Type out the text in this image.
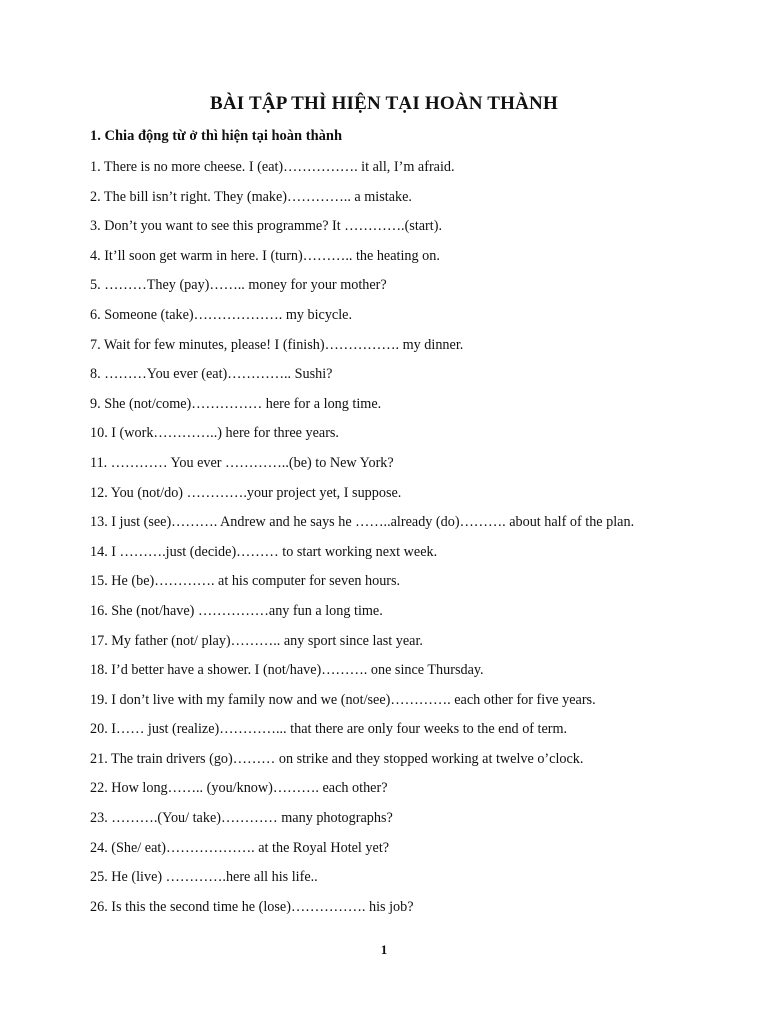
BÀI TẬP THÌ HIỆN TẠI HOÀN THÀNH
1. Chia động từ ở thì hiện tại hoàn thành
1. There is no more cheese. I (eat)……………. it all, I’m afraid.
2. The bill isn’t right. They (make)………….. a mistake.
3. Don’t you want to see this programme? It ………….(start).
4. It’ll soon get warm in here. I (turn)……….. the heating on.
5. ………They (pay)…….. money for your mother?
6. Someone (take)………………. my bicycle.
7. Wait for few minutes, please! I (finish)……………. my dinner.
8. ………You ever (eat)………….. Sushi?
9. She (not/come)…………… here for a long time.
10. I (work…………..) here for three years.
11. ………… You ever …………..(be) to New York?
12. You (not/do) ………….your project yet, I suppose.
13. I just (see)………. Andrew and he says he ……..already (do)………. about half of the plan.
14. I ……….just (decide)……… to start working next week.
15. He (be)…………. at his computer for seven hours.
16. She (not/have) ……………any fun a long time.
17. My father (not/ play)……….. any sport since last year.
18. I’d better have a shower. I (not/have)………. one since Thursday.
19. I don’t live with my family now and we (not/see)…………. each other for five years.
20. I…… just (realize)…………... that there are only four weeks to the end of term.
21. The train drivers (go)……… on strike and they stopped working at twelve o’clock.
22. How long…….. (you/know)………. each other?
23. ……….(You/ take)………… many photographs?
24. (She/ eat)………………. at the Royal Hotel yet?
25. He (live) ………….here all his life..
26. Is this the second time he (lose)……………. his job?
1
